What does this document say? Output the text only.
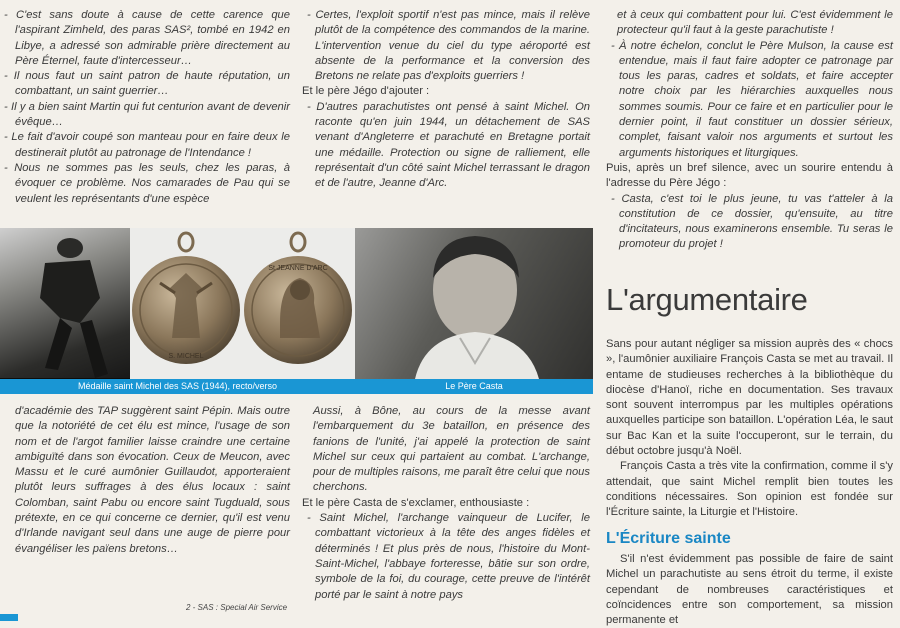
- C'est sans doute à cause de cette carence que l'aspirant Zimheld, des paras SAS², tombé en 1942 en Libye, a adressé son admirable prière directement au Père Éternel, faute d'intercesseur…

- Il nous faut un saint patron de haute réputation, un combattant, un saint guerrier…

- Il y a bien saint Martin qui fut centurion avant de devenir évêque…

- Le fait d'avoir coupé son manteau pour en faire deux le destinerait plutôt au patronage de l'Intendance !

- Nous ne sommes pas les seuls, chez les paras, à évoquer ce problème. Nos camarades de Pau qui se veulent les représentants d'une espèce

- Certes, l'exploit sportif n'est pas mince, mais il relève plutôt de la compétence des commandos de la marine. L'intervention venue du ciel du type aéroporté est absente de la performance et la conversion des Bretons ne relate pas d'exploits guerriers !

Et le père Jégo d'ajouter :

- D'autres parachutistes ont pensé à saint Michel. On raconte qu'en juin 1944, un détachement de SAS venant d'Angleterre et parachuté en Bretagne portait une médaille. Protection ou signe de ralliement, elle représentait d'un côté saint Michel terrassant le dragon et de l'autre, Jeanne d'Arc.

et à ceux qui combattent pour lui. C'est évidemment le protecteur qu'il faut à la geste parachutiste !

- À notre échelon, conclut le Père Mulson, la cause est entendue, mais il faut faire adopter ce patronage par tous les paras, cadres et soldats, et faire accepter notre choix par les hiérarchies auxquelles nous sommes soumis. Pour ce faire et en particulier pour le dernier point, il faut constituer un dossier sérieux, complet, faisant valoir nos arguments et surtout les arguments historiques et liturgiques.

Puis, après un bref silence, avec un sourire entendu à l'adresse du Père Jégo :

- Casta, c'est toi le plus jeune, tu vas t'atteler à la constitution de ce dossier, qu'ensuite, au titre d'incitateurs, nous examinerons ensemble. Tu seras le promoteur du projet !

S. MICHEL
St JEANNE D'ARC
Médaille saint Michel des SAS (1944), recto/verso	Le Père Casta
L'argumentaire

Sans pour autant négliger sa mission auprès des « chocs », l'aumônier auxiliaire François Casta se met au travail. Il entame de studieuses recherches à la bibliothèque du diocèse d'Hanoï, riche en documentation. Ses travaux sont souvent interrompus par les multiples opérations auxquelles participe son bataillon. L'opération Léa, le saut sur Bac Kan et la suite l'occuperont, sur le terrain, du début octobre jusqu'à Noël.

François Casta a très vite la confirmation, comme il s'y attendait, que saint Michel remplit bien toutes les conditions nécessaires. Son opinion est fondée sur l'Écriture sainte, la Liturgie et l'Histoire.

L'Écriture sainte

S'il n'est évidemment pas possible de faire de saint Michel un parachutiste au sens étroit du terme, il existe cependant de nombreuses caractéristiques et coïncidences entre son comportement, sa mission permanente et

d'académie des TAP suggèrent saint Pépin. Mais outre que la notoriété de cet élu est mince, l'usage de son nom et de l'argot familier laisse craindre une certaine ambiguïté dans son évocation. Ceux de Meucon, avec Massu et le curé aumônier Guillaudot, apporteraient plutôt leurs suffrages à des élus locaux : saint Colomban, saint Pabu ou encore saint Tugduald, sous prétexte, en ce qui concerne ce dernier, qu'il est venu d'Irlande navigant seul dans une auge de pierre pour évangéliser les païens bretons…

Aussi, à Bône, au cours de la messe avant l'embarquement du 3e bataillon, en présence des fanions de l'unité, j'ai appelé la protection de saint Michel sur ceux qui partaient au combat. L'archange, pour de multiples raisons, me paraît être celui que nous cherchons.

Et le père Casta de s'exclamer, enthousiaste :

- Saint Michel, l'archange vainqueur de Lucifer, le combattant victorieux à la tête des anges fidèles et déterminés ! Et plus près de nous, l'histoire du Mont-Saint-Michel, l'abbaye forteresse, bâtie sur son ordre, symbole de la foi, du courage, cette preuve de l'intérêt porté par le saint à notre pays

2 - SAS : Special Air Service
